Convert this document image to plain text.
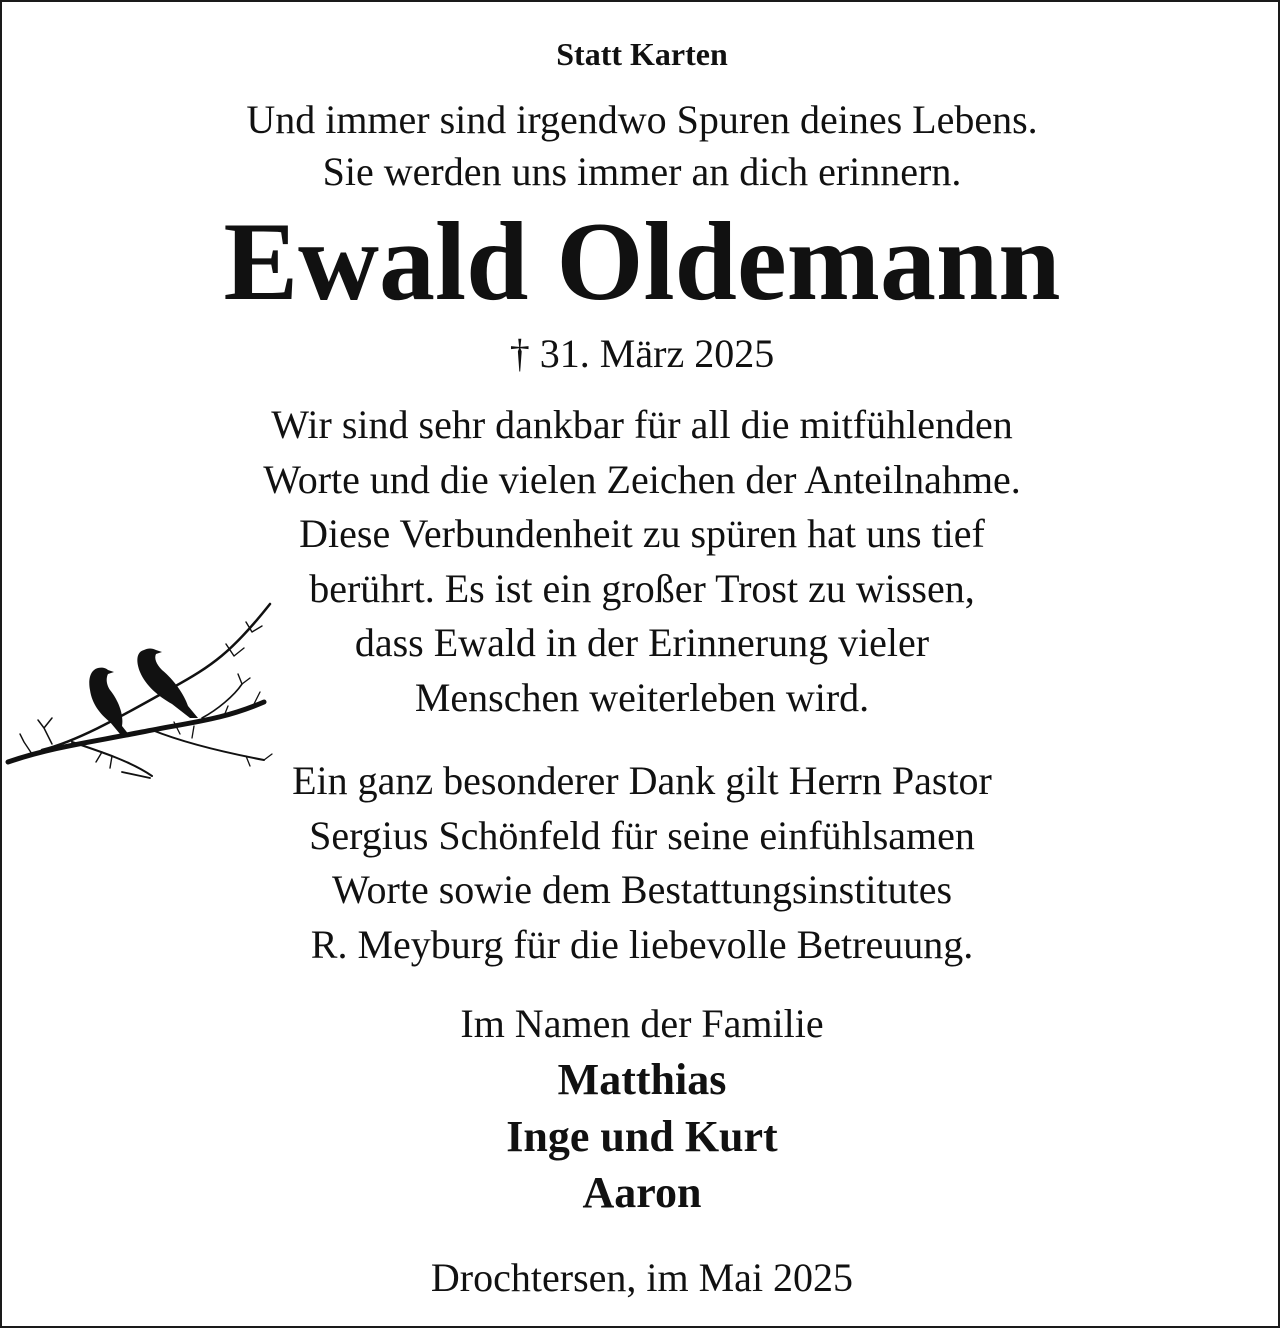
Statt Karten
Und immer sind irgendwo Spuren deines Lebens.
Sie werden uns immer an dich erinnern.
Ewald Oldemann
† 31. März 2025
Wir sind sehr dankbar für all die mitfühlenden
Worte und die vielen Zeichen der Anteilnahme.
Diese Verbundenheit zu spüren hat uns tief
berührt. Es ist ein großer Trost zu wissen,
dass Ewald in der Erinnerung vieler
Menschen weiterleben wird.
Ein ganz besonderer Dank gilt Herrn Pastor
Sergius Schönfeld für seine einfühlsamen
Worte sowie dem Bestattungsinstitutes
R. Meyburg für die liebevolle Betreuung.
Im Namen der Familie
Matthias
Inge und Kurt
Aaron
Drochtersen, im Mai 2025
